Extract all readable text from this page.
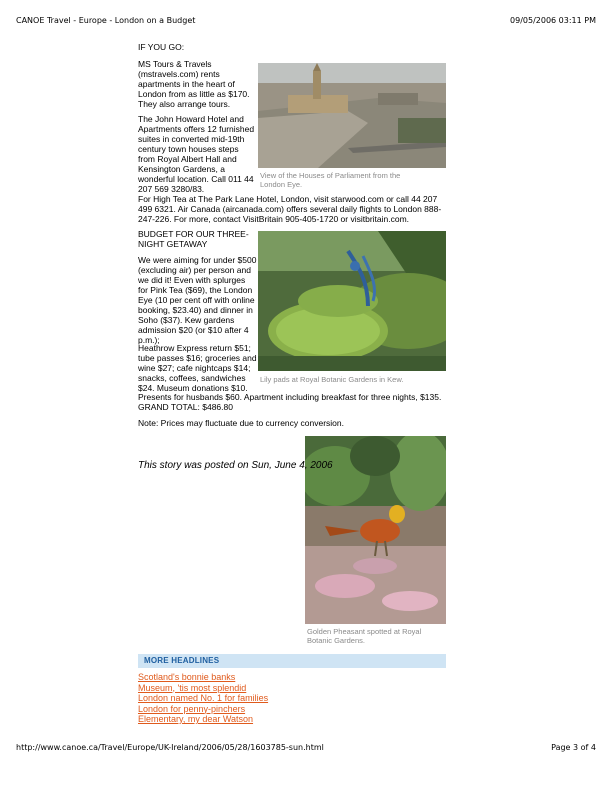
CANOE Travel - Europe - London on a Budget	09/05/2006 03:11 PM
IF YOU GO:
MS Tours & Travels
(mstravels.com) rents
apartments in the heart of
London from as little as $170.
They also arrange tours.
The John Howard Hotel and
Apartments offers 12 furnished
suites in converted mid-19th
century town houses steps
from Royal Albert Hall and
Kensington Gardens, a
wonderful location. Call 011 44
207 569 3280/83.
View of the Houses of Parliament from the
London Eye.
For High Tea at The Park Lane Hotel, London, visit starwood.com or call 44 207
499 6321. Air Canada (aircanada.com) offers several daily flights to London 888-
247-226. For more, contact VisitBritain 905-405-1720 or visitbritain.com.
BUDGET FOR OUR THREE-
NIGHT GETAWAY
We were aiming for under $500
(excluding air) per person and
we did it! Even with splurges
for Pink Tea ($69), the London
Eye (10 per cent off with online
booking, $23.40) and dinner in
Soho ($37). Kew gardens
admission $20 (or $10 after 4
p.m.);
Lily pads at Royal Botanic Gardens in Kew.
Heathrow Express return $51;
tube passes $16; groceries and
wine $27; cafe nightcaps $14;
snacks, coffees, sandwiches
$24. Museum donations $10.
Presents for husbands $60. Apartment including breakfast for three nights, $135.
GRAND TOTAL: $486.80
Note: Prices may fluctuate due to currency conversion.
Golden Pheasant spotted at Royal
Botanic Gardens.
This story was posted on Sun, June 4, 2006
MORE HEADLINES
Scotland's bonnie banks
Museum, 'tis most splendid
London named No. 1 for families
London for penny-pinchers
Elementary, my dear Watson
http://www.canoe.ca/Travel/Europe/UK-Ireland/2006/05/28/1603785-sun.html	Page 3 of 4
